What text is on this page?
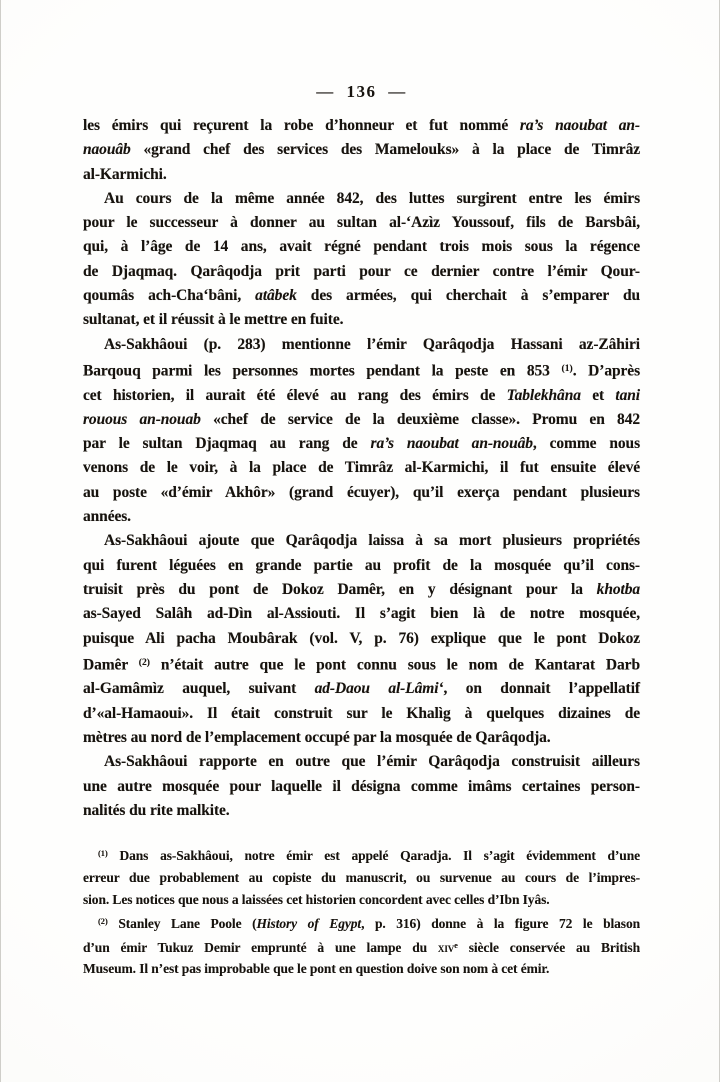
— 136 —
les émirs qui reçurent la robe d’honneur et fut nommé ra’s naoubat an-
naouâb «grand chef des services des Mamelouks» à la place de Timrâz
al-Karmichi.
Au cours de la même année 842, des luttes surgirent entre les émirs
pour le successeur à donner au sultan al-‘Azìz Youssouf, fils de Barsbâi,
qui, à l’âge de 14 ans, avait régné pendant trois mois sous la régence
de Djaqmaq. Qarâqodja prit parti pour ce dernier contre l’émir Qour-
qoumâs ach-Cha‘bâni, atâbek des armées, qui cherchait à s’emparer du
sultanat, et il réussit à le mettre en fuite.
As-Sakhâoui (p. 283) mentionne l’émir Qarâqodja Hassani az-Zâhiri
Barqouq parmi les personnes mortes pendant la peste en 853 $^{(1)}$. D’après
cet historien, il aurait été élevé au rang des émirs de Tablekhâna et tani
rouous an-nouab «chef de service de la deuxième classe». Promu en 842
par le sultan Djaqmaq au rang de ra’s naoubat an-nouâb, comme nous
venons de le voir, à la place de Timrâz al-Karmichi, il fut ensuite élevé
au poste «d’émir Akhôr» (grand écuyer), qu’il exerça pendant plusieurs
années.
As-Sakhâoui ajoute que Qarâqodja laissa à sa mort plusieurs propriétés
qui furent léguées en grande partie au profit de la mosquée qu’il cons-
truisit près du pont de Dokoz Damêr, en y désignant pour la khotba
as-Sayed Salâh ad-Dìn al-Assiouti. Il s’agit bien là de notre mosquée,
puisque Ali pacha Moubârak (vol. V, p. 76) explique que le pont Dokoz
Damêr $^{(2)}$ n’était autre que le pont connu sous le nom de Kantarat Darb
al-Gamâmìz auquel, suivant ad-Daou al-Lâmi‘, on donnait l’appellatif
d’«al-Hamaoui». Il était construit sur le Khalìg à quelques dizaines de
mètres au nord de l’emplacement occupé par la mosquée de Qarâqodja.
As-Sakhâoui rapporte en outre que l’émir Qarâqodja construisit ailleurs
une autre mosquée pour laquelle il désigna comme imâms certaines person-
nalités du rite malkite.
$^{(1)}$ Dans as-Sakhâoui, notre émir est appelé Qaradja. Il s’agit évidemment d’une
erreur due probablement au copiste du manuscrit, ou survenue au cours de l’impres-
sion. Les notices que nous a laissées cet historien concordent avec celles d’Ibn Iyâs.
$^{(2)}$ Stanley Lane Poole (History of Egypt, p. 316) donne à la figure 72 le blason
d’un émir Tukuz Demir emprunté à une lampe du xiv$^e$ siècle conservée au British
Museum. Il n’est pas improbable que le pont en question doive son nom à cet émir.
